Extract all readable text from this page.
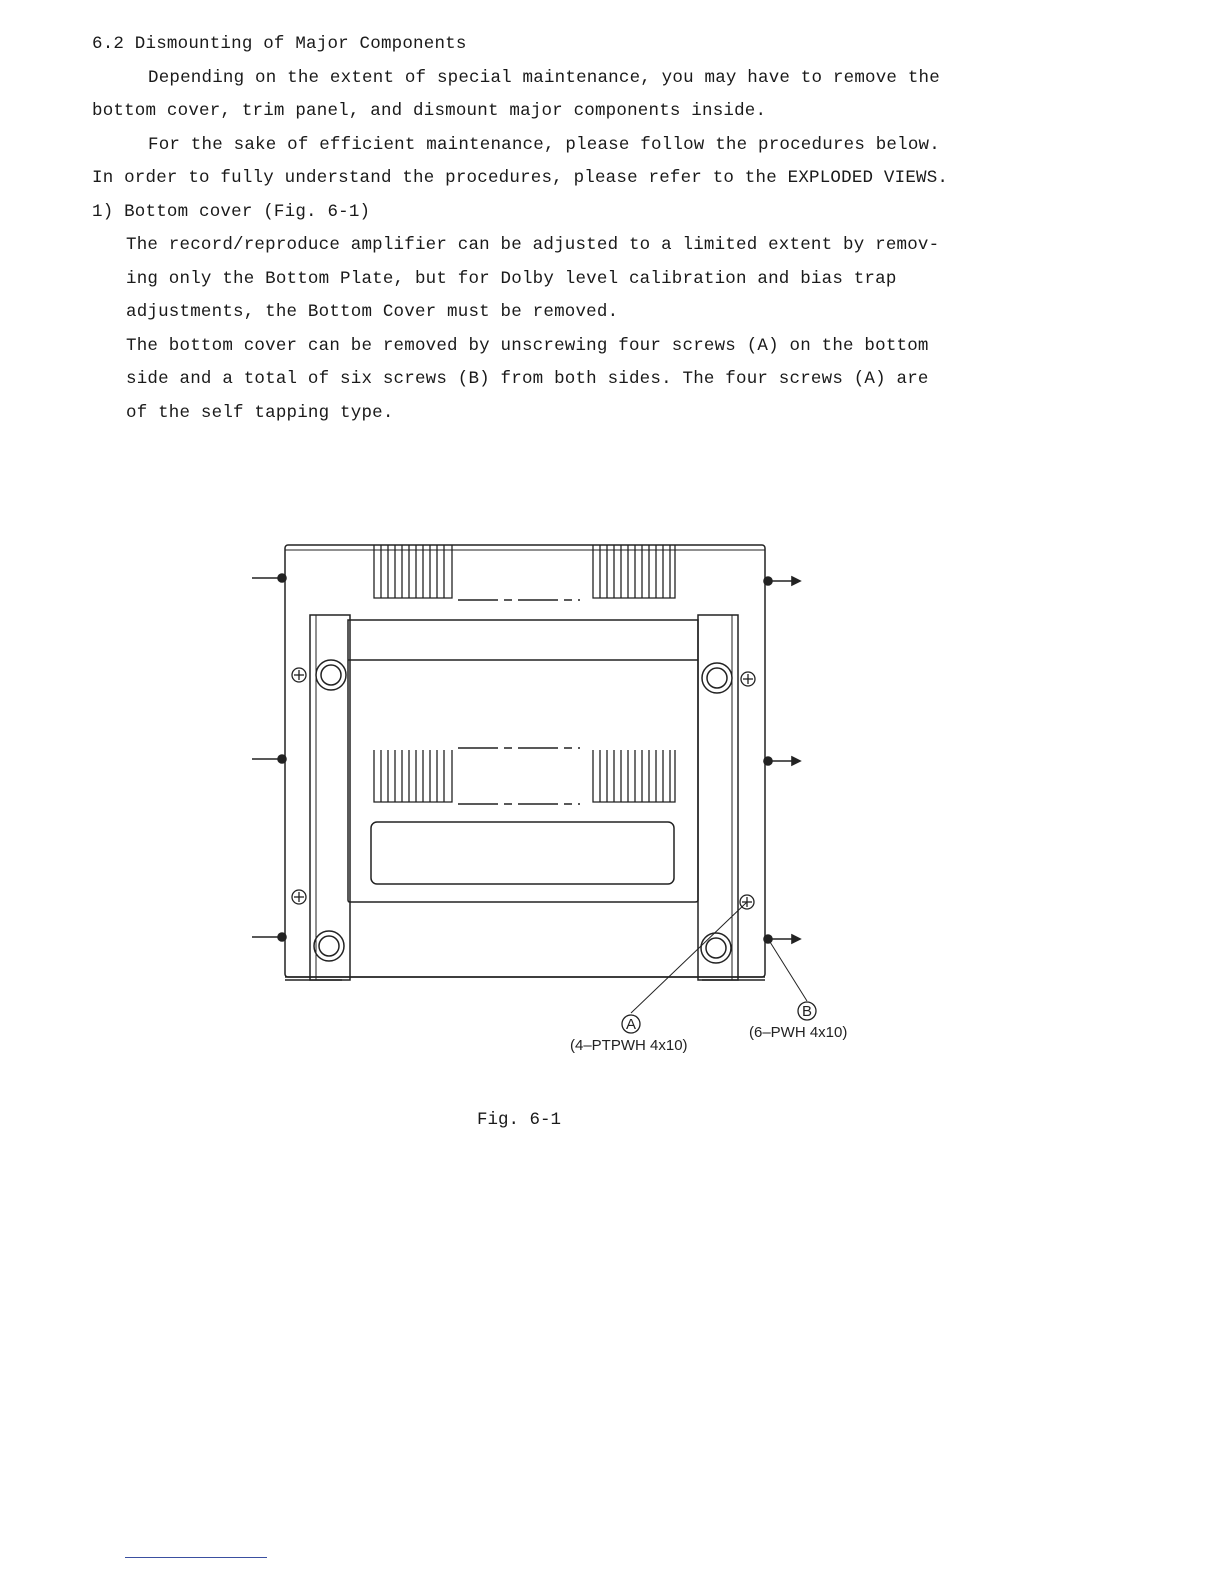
6.2 Dismounting of Major Components
Depending on the extent of special maintenance, you may have to remove the
bottom cover, trim panel, and dismount major components inside.
For the sake of efficient maintenance, please follow the procedures below.
In order to fully understand the procedures, please refer to the EXPLODED VIEWS.
1) Bottom cover (Fig. 6-1)
The record/reproduce amplifier can be adjusted to a limited extent by remov-
ing only the Bottom Plate, but for Dolby level calibration and bias trap
adjustments, the Bottom Cover must be removed.
The bottom cover can be removed by unscrewing four screws (A) on the bottom
side and a total of six screws (B) from both sides. The four screws (A) are
of the self tapping type.
A
B
(4–PTPWH 4x10)
(6–PWH 4x10)
Fig. 6-1
